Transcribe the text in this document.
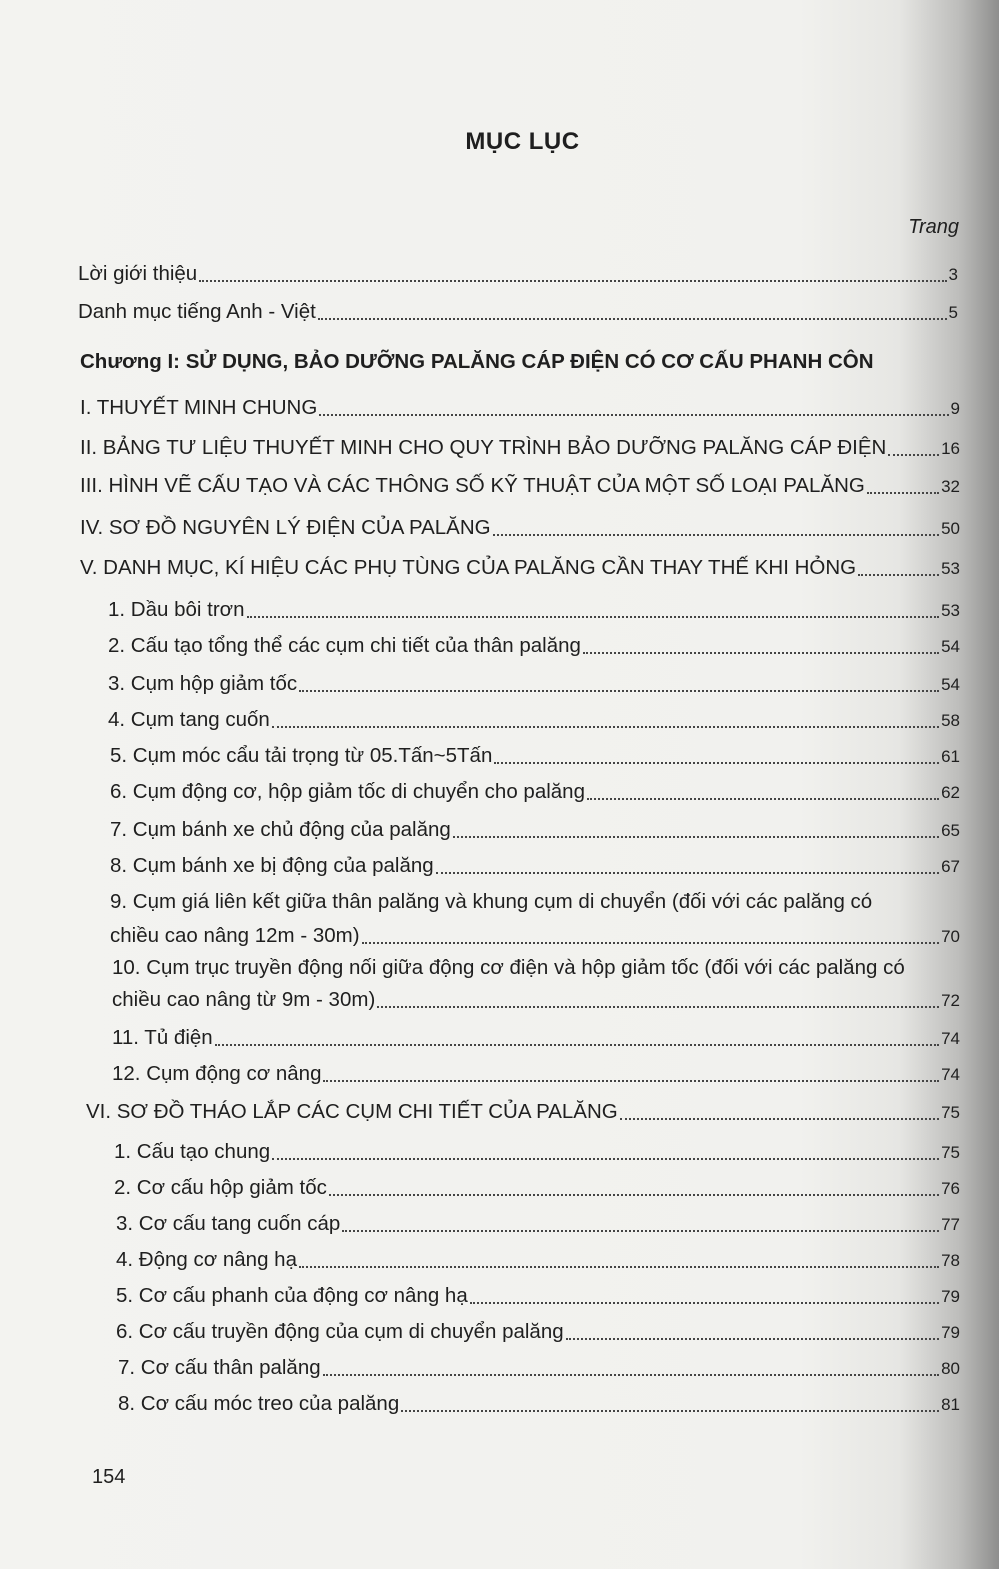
MỤC LỤC
Trang
Lời giới thiệu	3
Danh mục tiếng Anh - Việt	5
Chương I: SỬ DỤNG, BẢO DƯỠNG PALĂNG CÁP ĐIỆN CÓ CƠ CẤU PHANH CÔN
I. THUYẾT MINH CHUNG	9
II. BẢNG TƯ LIỆU THUYẾT MINH CHO QUY TRÌNH BẢO DƯỠNG PALĂNG CÁP ĐIỆN	16
III. HÌNH VẼ CẤU TẠO VÀ CÁC THÔNG SỐ KỸ THUẬT CỦA MỘT SỐ LOẠI PALĂNG	32
IV. SƠ ĐỒ NGUYÊN LÝ ĐIỆN CỦA PALĂNG	50
V. DANH MỤC, KÍ HIỆU CÁC PHỤ TÙNG CỦA PALĂNG CẦN THAY THẾ KHI HỎNG	53
1. Dầu bôi trơn	53
2. Cấu tạo tổng thể các cụm chi tiết của thân palăng	54
3. Cụm hộp giảm tốc	54
4. Cụm tang cuốn	58
5. Cụm móc cẩu tải trọng từ 05.Tấn~5Tấn	61
6. Cụm động cơ, hộp giảm tốc di chuyển cho palăng	62
7. Cụm bánh xe chủ động của palăng	65
8. Cụm bánh xe bị động của palăng	67
9. Cụm giá liên kết giữa thân palăng và khung cụm di chuyển (đối với các palăng có
chiều cao nâng 12m - 30m)	70
10. Cụm trục truyền động nối giữa động cơ điện và hộp giảm tốc (đối với các palăng có
chiều cao nâng từ 9m - 30m)	72
11. Tủ điện	74
12. Cụm động cơ nâng	74
VI. SƠ ĐỒ THÁO LẮP CÁC CỤM CHI TIẾT CỦA PALĂNG	75
1. Cấu tạo chung	75
2. Cơ cấu hộp giảm tốc	76
3. Cơ cấu tang cuốn cáp	77
4. Động cơ nâng hạ	78
5. Cơ cấu phanh của động cơ nâng hạ	79
6. Cơ cấu truyền động của cụm di chuyển palăng	79
7. Cơ cấu thân palăng	80
8. Cơ cấu móc treo của palăng	81
154
